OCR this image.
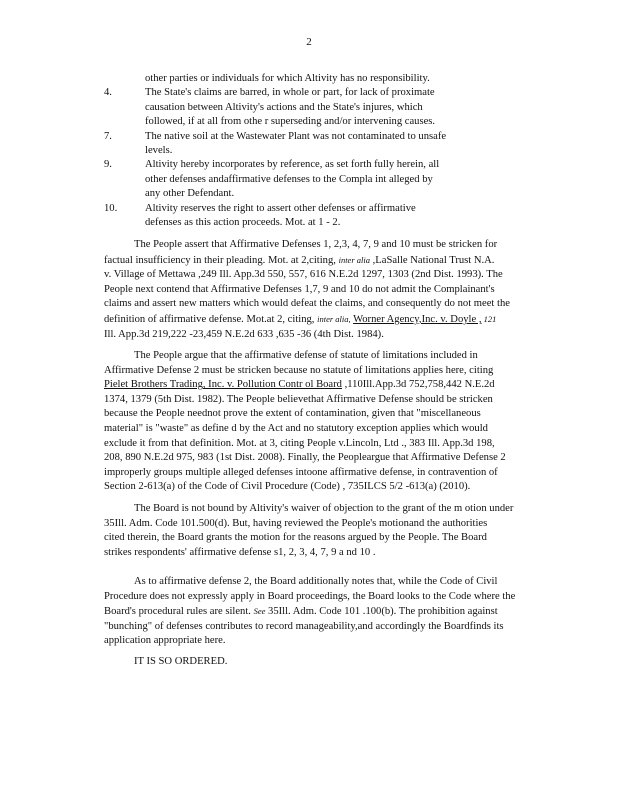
2
other parties or individuals for which Altivity has no responsibility.
4.	The State's claims are barred, in whole or part, for lack of proximate
causation between Altivity's actions and the State's injures, which
followed, if at all from othe r superseding and/or intervening causes.
7.	The native soil at the Wastewater Plant was not contaminated to unsafe
levels.
9.	Altivity hereby incorporates by reference, as set forth fully herein, all
other defenses andaffirmative defenses to the Compla int alleged by
any other Defendant.
10.	Altivity reserves the right to assert other defenses or affirmative
defenses as this action proceeds. Mot. at 1 - 2.
The People assert that Affirmative Defenses 1, 2,3, 4, 7, 9 and 10 must be stricken for
factual insufficiency in their pleading. Mot. at 2,citing, inter alia ,LaSalle National Trust N.A.
v. Village of Mettawa ,249 Ill. App.3d 550, 557, 616 N.E.2d 1297, 1303 (2nd Dist. 1993). The
People next contend that Affirmative Defenses 1,7, 9 and 10 do not admit the Complainant's
claims and assert new matters which would defeat the claims, and consequently do not meet the
definition of affirmative defense. Mot.at 2, citing, inter alia, Worner Agency,Inc. v. Doyle , 121
Ill. App.3d 219,222 -23,459 N.E.2d 633 ,635 -36 (4th Dist. 1984).
The People argue that the affirmative defense of statute of limitations included in
Affirmative Defense 2 must be stricken because no statute of limitations applies here, citing
Pielet Brothers Trading, Inc. v. Pollution Contr ol Board ,110Ill.App.3d 752,758,442 N.E.2d
1374, 1379 (5th Dist. 1982). The People believethat Affirmative Defense should be stricken
because the People neednot prove the extent of contamination, given that "miscellaneous
material" is "waste" as define d by the Act and no statutory exception applies which would
exclude it from that definition. Mot. at 3, citing People v.Lincoln, Ltd ., 383 Ill. App.3d 198,
208, 890 N.E.2d 975, 983 (1st Dist. 2008). Finally, the Peopleargue that Affirmative Defense 2
improperly groups multiple alleged defenses intoone affirmative defense, in contravention of
Section 2-613(a) of the Code of Civil Procedure (Code) , 735ILCS 5/2 -613(a) (2010).
The Board is not bound by Altivity's waiver of objection to the grant of the m otion under
35Ill. Adm. Code 101.500(d). But, having reviewed the People's motionand the authorities
cited therein, the Board grants the motion for the reasons argued by the People. The Board
strikes respondents' affirmative defense s1, 2, 3, 4, 7, 9 a nd 10 .
As to affirmative defense 2, the Board additionally notes that, while the Code of Civil
Procedure does not expressly apply in Board proceedings, the Board looks to the Code where the
Board's procedural rules are silent. See 35Ill. Adm. Code 101 .100(b). The prohibition against
"bunching" of defenses contributes to record manageability,and accordingly the Boardfinds its
application appropriate here.
IT IS SO ORDERED.
